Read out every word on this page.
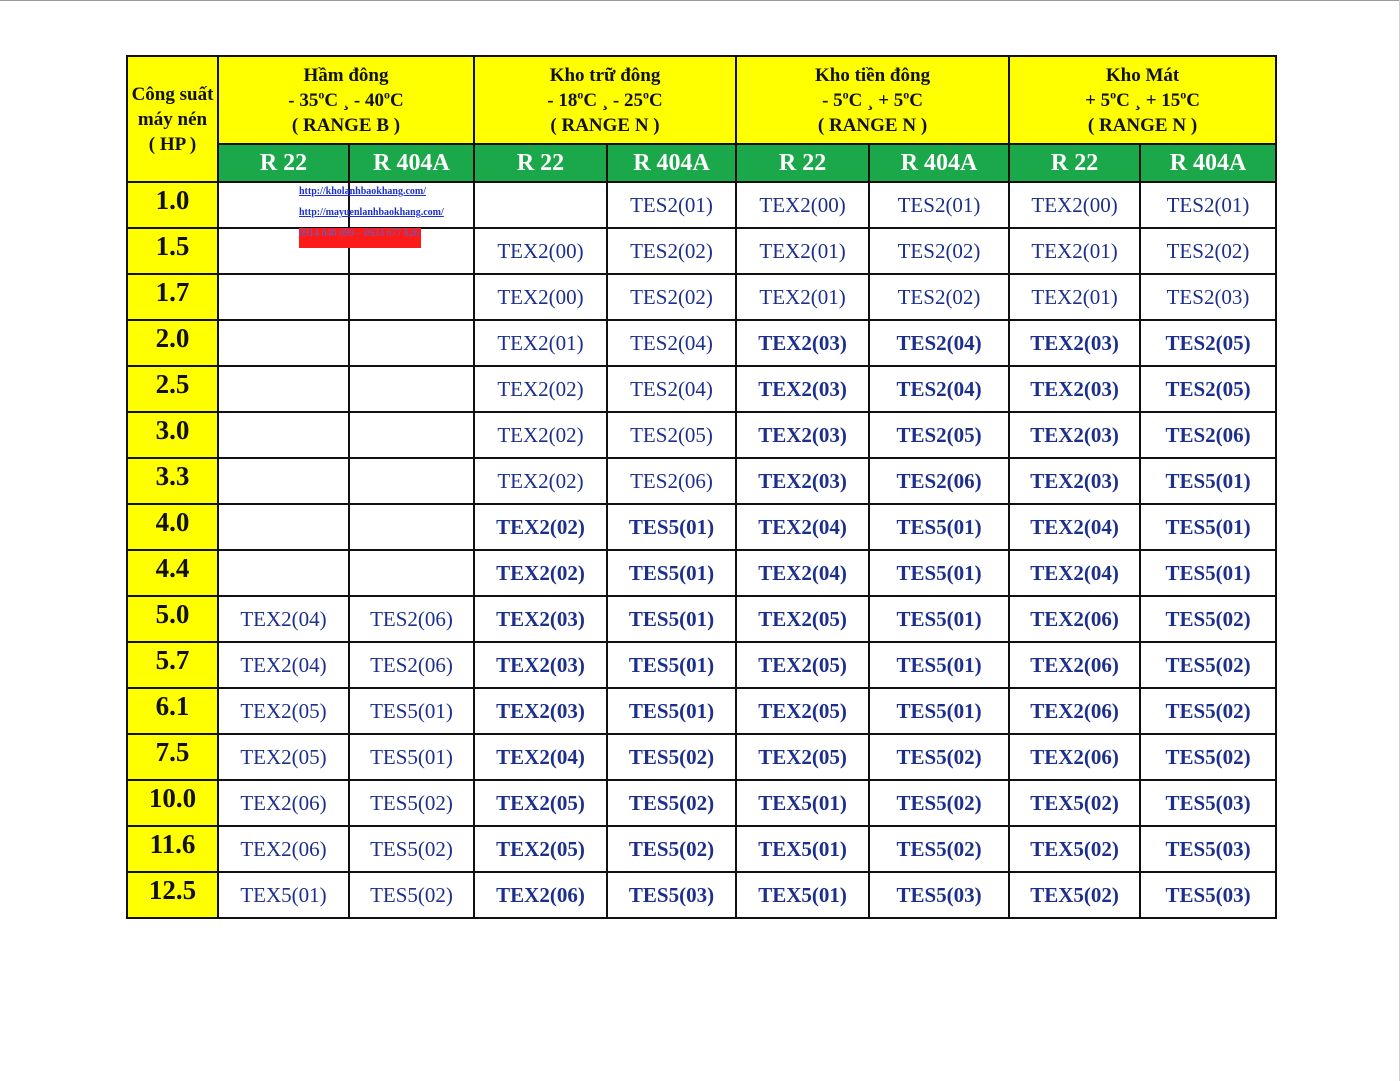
Công suất
máy nén
( HP )	Hầm đông
- 35$^o$C ¸ - 40$^o$C
( RANGE B )		Kho trữ đông
- 18$^o$C ¸ - 25$^o$C
( RANGE N )		Kho tiền đông
- 5$^o$C ¸ + $5^oC$
( RANGE N )		Kho Mát
+ $5^oC$ ¸ + $15^oC$
( RANGE N )	

	R 22	R 404A	R 22	R 404A	R 22	R 404A	R 22	R 404A
1.0				TES2(01)	TEX2(00)	TES2(01)	TEX2(00)	TES2(01)
1.5			TEX2(00)	TES2(02)	TEX2(01)	TES2(02)	TEX2(01)	TES2(02)
1.7			TEX2(00)	TES2(02)	TEX2(01)	TES2(02)	TEX2(01)	TES2(03)
2.0			TEX2(01)	TES2(04)	TEX2(03)	TES2(04)	TEX2(03)	TES2(05)
2.5			TEX2(02)	TES2(04)	TEX2(03)	TES2(04)	TEX2(03)	TES2(05)
3.0			TEX2(02)	TES2(05)	TEX2(03)	TES2(05)	TEX2(03)	TES2(06)
3.3			TEX2(02)	TES2(06)	TEX2(03)	TES2(06)	TEX2(03)	TES5(01)
4.0			TEX2(02)	TES5(01)	TEX2(04)	TES5(01)	TEX2(04)	TES5(01)
4.4			TEX2(02)	TES5(01)	TEX2(04)	TES5(01)	TEX2(04)	TES5(01)
5.0	TEX2(04)	TES2(06)	TEX2(03)	TES5(01)	TEX2(05)	TES5(01)	TEX2(06)	TES5(02)
5.7	TEX2(04)	TES2(06)	TEX2(03)	TES5(01)	TEX2(05)	TES5(01)	TEX2(06)	TES5(02)
6.1	TEX2(05)	TES5(01)	TEX2(03)	TES5(01)	TEX2(05)	TES5(01)	TEX2(06)	TES5(02)
7.5	TEX2(05)	TES5(01)	TEX2(04)	TES5(02)	TEX2(05)	TES5(02)	TEX2(06)	TES5(02)
10.0	TEX2(06)	TES5(02)	TEX2(05)	TES5(02)	TEX5(01)	TES5(02)	TEX5(02)	TES5(03)
11.6	TEX2(06)	TES5(02)	TEX2(05)	TES5(02)	TEX5(01)	TES5(02)	TEX5(02)	TES5(03)
12.5	TEX5(01)	TES5(02)	TEX2(06)	TES5(03)	TEX5(01)	TES5(03)	TEX5(02)	TES5(03)
http://kholanhbaokhang.com/
http://mayuenlanhbaokhang.com/
0914 040 090 – 0933 677 826
